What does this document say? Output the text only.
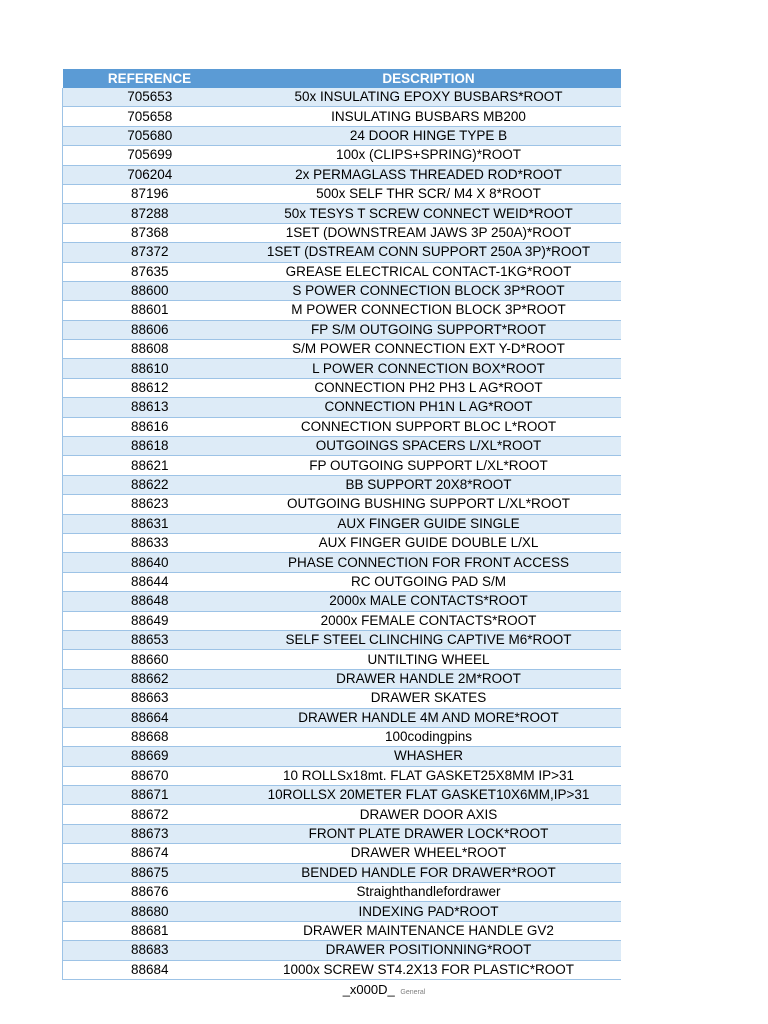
REFERENCE	DESCRIPTION
705653	50x INSULATING EPOXY BUSBARS*ROOT
705658	INSULATING BUSBARS MB200
705680	24 DOOR HINGE TYPE B
705699	100x (CLIPS+SPRING)*ROOT
706204	2x PERMAGLASS THREADED ROD*ROOT
87196	500x SELF THR SCR/ M4 X 8*ROOT
87288	50x TESYS T SCREW CONNECT WEID*ROOT
87368	1SET (DOWNSTREAM JAWS 3P 250A)*ROOT
87372	1SET (DSTREAM CONN SUPPORT 250A 3P)*ROOT
87635	GREASE ELECTRICAL CONTACT-1KG*ROOT
88600	S POWER CONNECTION BLOCK 3P*ROOT
88601	M POWER CONNECTION BLOCK 3P*ROOT
88606	FP S/M OUTGOING SUPPORT*ROOT
88608	S/M POWER CONNECTION EXT Y-D*ROOT
88610	L POWER CONNECTION BOX*ROOT
88612	CONNECTION PH2 PH3 L AG*ROOT
88613	CONNECTION PH1N L AG*ROOT
88616	CONNECTION SUPPORT BLOC L*ROOT
88618	OUTGOINGS SPACERS L/XL*ROOT
88621	FP OUTGOING SUPPORT L/XL*ROOT
88622	BB SUPPORT 20X8*ROOT
88623	OUTGOING BUSHING SUPPORT L/XL*ROOT
88631	AUX FINGER GUIDE SINGLE
88633	AUX FINGER GUIDE DOUBLE L/XL
88640	PHASE CONNECTION FOR FRONT ACCESS
88644	RC OUTGOING PAD S/M
88648	2000x MALE CONTACTS*ROOT
88649	2000x FEMALE CONTACTS*ROOT
88653	SELF STEEL CLINCHING CAPTIVE M6*ROOT
88660	UNTILTING WHEEL
88662	DRAWER HANDLE 2M*ROOT
88663	DRAWER SKATES
88664	DRAWER HANDLE 4M AND MORE*ROOT
88668	100codingpins
88669	WHASHER
88670	10 ROLLSx18mt. FLAT GASKET25X8MM IP>31
88671	10ROLLSX 20METER FLAT GASKET10X6MM,IP>31
88672	DRAWER DOOR AXIS
88673	FRONT PLATE DRAWER LOCK*ROOT
88674	DRAWER WHEEL*ROOT
88675	BENDED HANDLE FOR DRAWER*ROOT
88676	Straighthandlefordrawer
88680	INDEXING PAD*ROOT
88681	DRAWER MAINTENANCE HANDLE GV2
88683	DRAWER POSITIONNING*ROOT
88684	1000x SCREW ST4.2X13 FOR PLASTIC*ROOT
_x000D_ General
